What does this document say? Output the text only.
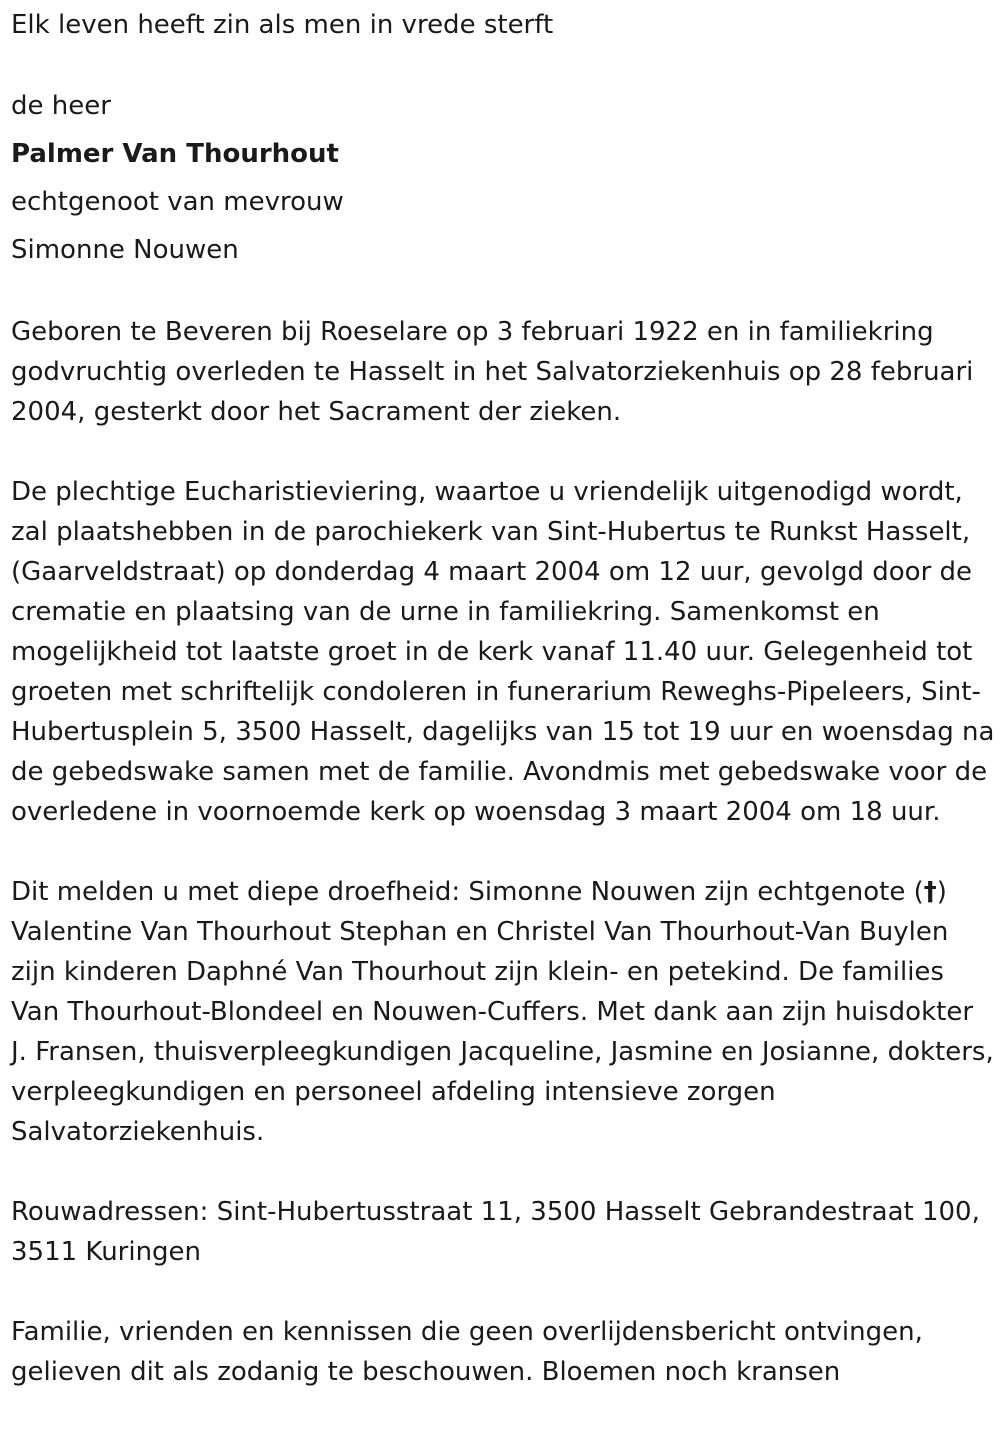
Elk leven heeft zin als men in vrede sterft

de heer

Palmer Van Thourhout

echtgenoot van mevrouw

Simonne Nouwen

Geboren te Beveren bij Roeselare op 3 februari 1922 en in familiekring godvruchtig overleden te Hasselt in het Salvatorziekenhuis op 28 februari 2004, gesterkt door het Sacrament der zieken.

De plechtige Eucharistieviering, waartoe u vriendelijk uitgenodigd wordt, zal plaatshebben in de parochiekerk van Sint-Hubertus te Runkst Hasselt, (Gaarveldstraat) op donderdag 4 maart 2004 om 12 uur, gevolgd door de crematie en plaatsing van de urne in familiekring. Samenkomst en mogelijkheid tot laatste groet in de kerk vanaf 11.40 uur. Gelegenheid tot groeten met schriftelijk condoleren in funerarium Reweghs-Pipeleers, Sint-Hubertusplein 5, 3500 Hasselt, dagelijks van 15 tot 19 uur en woensdag na de gebedswake samen met de familie. Avondmis met gebedswake voor de overledene in voornoemde kerk op woensdag 3 maart 2004 om 18 uur.

Dit melden u met diepe droefheid: Simonne Nouwen zijn echtgenote (†) Valentine Van Thourhout Stephan en Christel Van Thourhout-Van Buylen zijn kinderen Daphné Van Thourhout zijn klein- en petekind. De families Van Thourhout-Blondeel en Nouwen-Cuffers. Met dank aan zijn huisdokter J. Fransen, thuisverpleegkundigen Jacqueline, Jasmine en Josianne, dokters, verpleegkundigen en personeel afdeling intensieve zorgen Salvatorziekenhuis.

Rouwadressen: Sint-Hubertusstraat 11, 3500 Hasselt Gebrandestraat 100, 3511 Kuringen

Familie, vrienden en kennissen die geen overlijdensbericht ontvingen, gelieven dit als zodanig te beschouwen. Bloemen noch kransen
